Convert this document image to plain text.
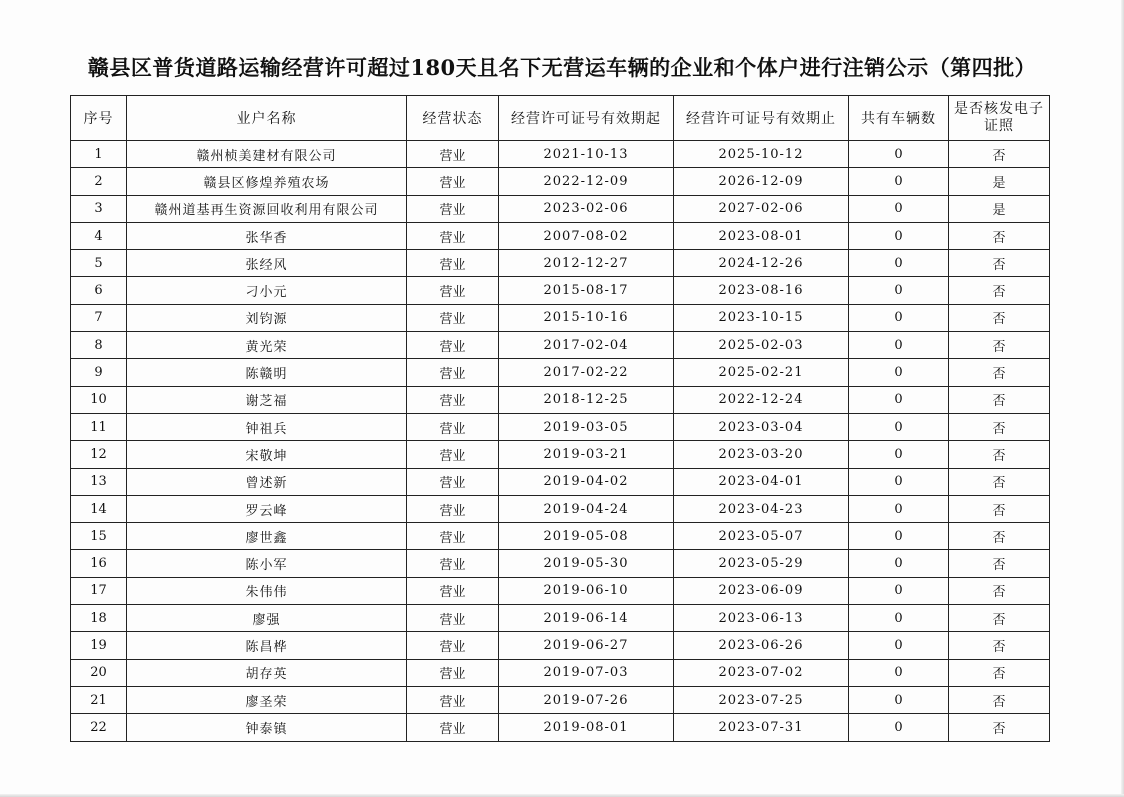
赣县区普货道路运输经营许可超过180天且名下无营运车辆的企业和个体户进行注销公示（第四批）
序号	业户名称	经营状态	经营许可证号有效期起	经营许可证号有效期止	共有车辆数	是否核发电子证照
1	赣州桢美建材有限公司	营业	2021-10-13	2025-10-12	0	否
2	赣县区修煌养殖农场	营业	2022-12-09	2026-12-09	0	是
3	赣州道基再生资源回收利用有限公司	营业	2023-02-06	2027-02-06	0	是
4	张华香	营业	2007-08-02	2023-08-01	0	否
5	张经风	营业	2012-12-27	2024-12-26	0	否
6	刁小元	营业	2015-08-17	2023-08-16	0	否
7	刘钧源	营业	2015-10-16	2023-10-15	0	否
8	黄光荣	营业	2017-02-04	2025-02-03	0	否
9	陈赣明	营业	2017-02-22	2025-02-21	0	否
10	谢芝福	营业	2018-12-25	2022-12-24	0	否
11	钟祖兵	营业	2019-03-05	2023-03-04	0	否
12	宋敬坤	营业	2019-03-21	2023-03-20	0	否
13	曾述新	营业	2019-04-02	2023-04-01	0	否
14	罗云峰	营业	2019-04-24	2023-04-23	0	否
15	廖世鑫	营业	2019-05-08	2023-05-07	0	否
16	陈小军	营业	2019-05-30	2023-05-29	0	否
17	朱伟伟	营业	2019-06-10	2023-06-09	0	否
18	廖强	营业	2019-06-14	2023-06-13	0	否
19	陈昌桦	营业	2019-06-27	2023-06-26	0	否
20	胡存英	营业	2019-07-03	2023-07-02	0	否
21	廖圣荣	营业	2019-07-26	2023-07-25	0	否
22	钟泰镇	营业	2019-08-01	2023-07-31	0	否
